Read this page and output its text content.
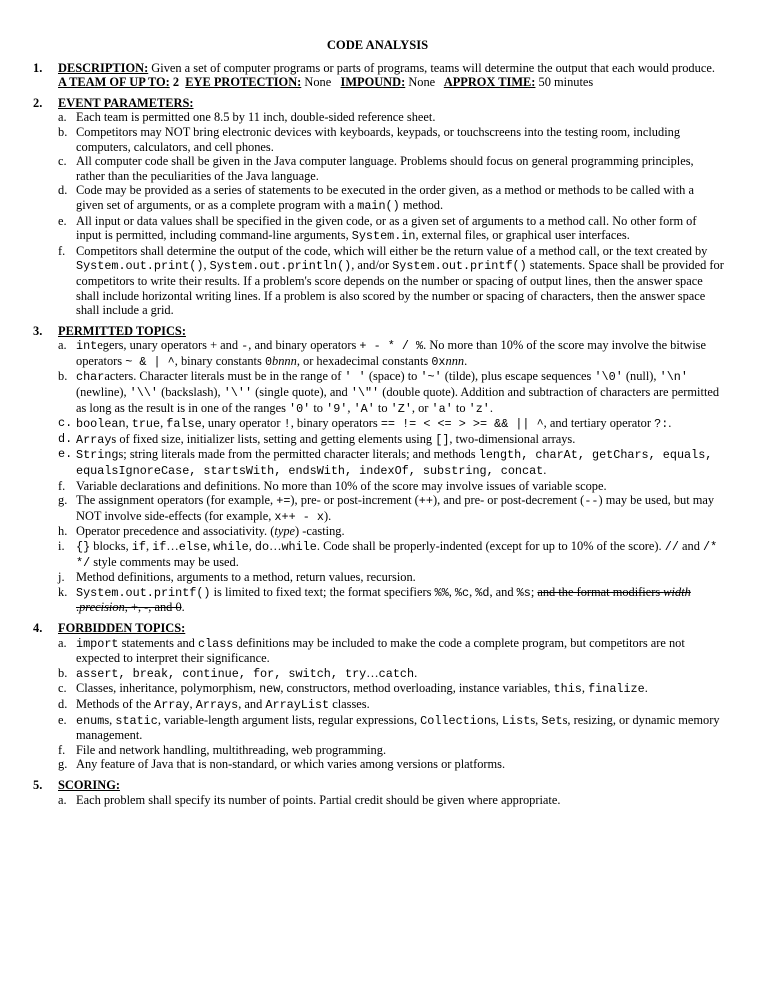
CODE ANALYSIS
1. DESCRIPTION: Given a set of computer programs or parts of programs, teams will determine the output that each would produce.
A TEAM OF UP TO: 2 EYE PROTECTION: None IMPOUND: None APPROX TIME: 50 minutes
2. EVENT PARAMETERS:
a. Each team is permitted one 8.5 by 11 inch, double-sided reference sheet.
b. Competitors may NOT bring electronic devices with keyboards, keypads, or touchscreens into the testing room, including computers, calculators, and cell phones.
c. All computer code shall be given in the Java computer language. Problems should focus on general programming principles, rather than the peculiarities of the Java language.
d. Code may be provided as a series of statements to be executed in the order given, as a method or methods to be called with a given set of arguments, or as a complete program with a main() method.
e. All input or data values shall be specified in the given code, or as a given set of arguments to a method call. No other form of input is permitted, including command-line arguments, System.in, external files, or graphical user interfaces.
f. Competitors shall determine the output of the code, which will either be the return value of a method call, or the text created by System.out.print(), System.out.println(), and/or System.out.printf() statements. Space shall be provided for competitors to write their results. If a problem's score depends on the number or spacing of output lines, then the answer space shall include horizontal writing lines. If a problem is also scored by the number or spacing of characters, then the answer space shall include a grid.
3. PERMITTED TOPICS:
a. integers, unary operators + and -, and binary operators + - * / %. No more than 10% of the score may involve the bitwise operators ~ & | ^, binary constants 0bnnn, or hexadecimal constants 0xnnn.
b. characters. Character literals must be in the range of ' ' (space) to '~' (tilde), plus escape sequences '\0' (null), '\n' (newline), '\\' (backslash), '\'' (single quote), and '\"' (double quote). Addition and subtraction of characters are permitted as long as the result is in one of the ranges '0' to '9', 'A' to 'Z', or 'a' to 'z'.
c. boolean, true, false, unary operator !, binary operators == != < <= > >= && || ^, and tertiary operator ?:.
d. Arrays of fixed size, initializer lists, setting and getting elements using [], two-dimensional arrays.
e. Strings; string literals made from the permitted character literals; and methods length, charAt, getChars, equals, equalsIgnoreCase, startsWith, endsWith, indexOf, substring, concat.
f. Variable declarations and definitions. No more than 10% of the score may involve issues of variable scope.
g. The assignment operators (for example, +=), pre- or post-increment (++), and pre- or post-decrement (--) may be used, but may NOT involve side-effects (for example, x++ - x).
h. Operator precedence and associativity. (type) -casting.
i. {} blocks, if, if…else, while, do…while. Code shall be properly-indented (except for up to 10% of the score). // and /* */ style comments may be used.
j. Method definitions, arguments to a method, return values, recursion.
k. System.out.printf() is limited to fixed text; the format specifiers %%, %c, %d, and %s; and the format modifiers width .precision, +, -, and 0.
4. FORBIDDEN TOPICS:
a. import statements and class definitions may be included to make the code a complete program, but competitors are not expected to interpret their significance.
b. assert, break, continue, for, switch, try…catch.
c. Classes, inheritance, polymorphism, new, constructors, method overloading, instance variables, this, finalize.
d. Methods of the Array, Arrays, and ArrayList classes.
e. enums, static, variable-length argument lists, regular expressions, Collections, Lists, Sets, resizing, or dynamic memory management.
f. File and network handling, multithreading, web programming.
g. Any feature of Java that is non-standard, or which varies among versions or platforms.
5. SCORING:
a. Each problem shall specify its number of points. Partial credit should be given where appropriate.
